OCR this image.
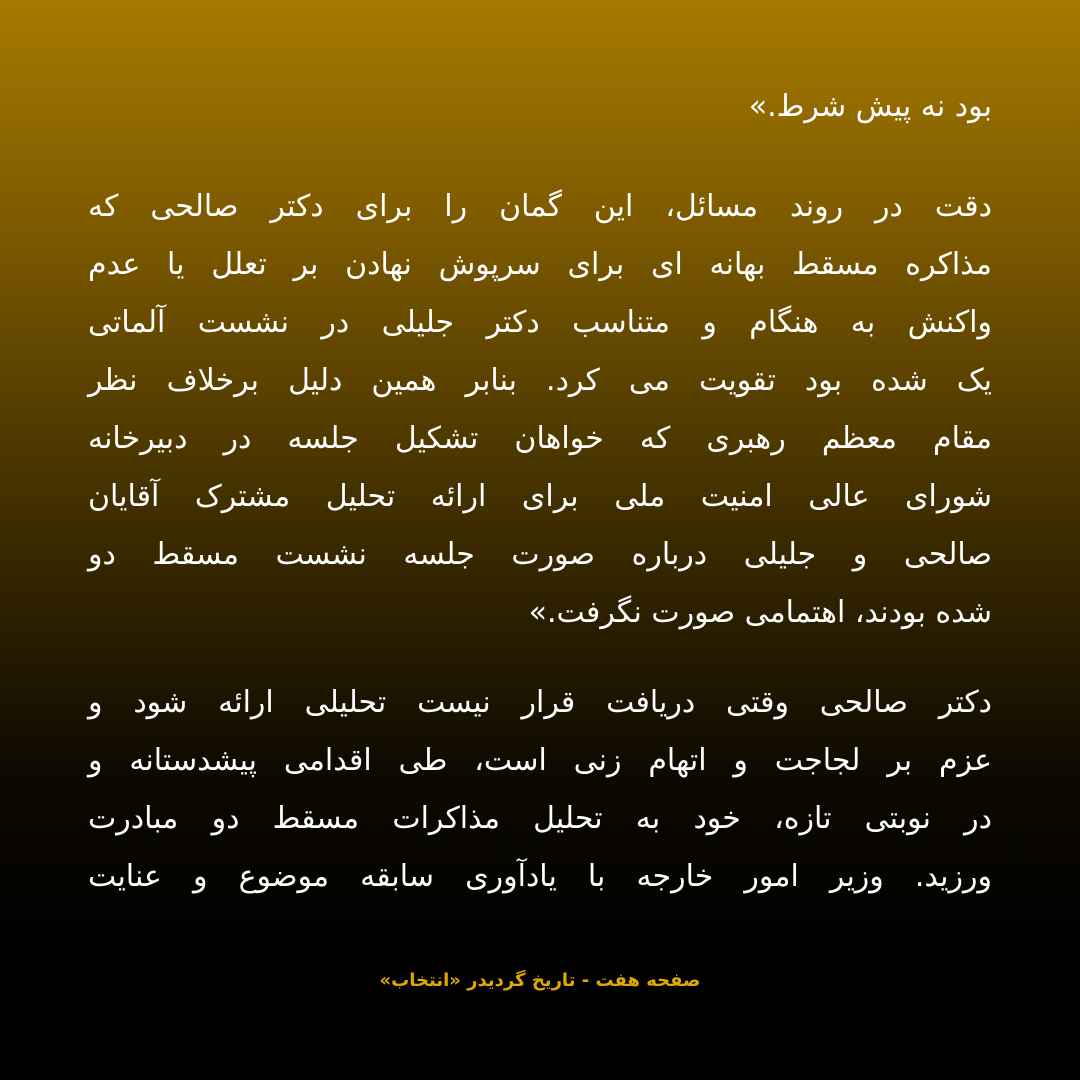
بود نه پیش شرط.»
دقت در روند مسائل، این گمان را برای دکتر صالحی که
مذاکره مسقط بهانه ای برای سرپوش نهادن بر تعلل یا عدم
واکنش به هنگام و متناسب دکتر جلیلی در نشست آلماتی
یک شده بود تقویت می کرد. بنابر همین دلیل برخلاف نظر
مقام معظم رهبری که خواهان تشکیل جلسه در دبیرخانه
شورای عالی امنیت ملی برای ارائه تحلیل مشترک آقایان
صالحی و جلیلی درباره صورت جلسه نشست مسقط دو
شده بودند، اهتمامی صورت نگرفت.»
دکتر صالحی وقتی دریافت قرار نیست تحلیلی ارائه شود و
عزم بر لجاجت و اتهام زنی است، طی اقدامی پیشدستانه و
در نوبتی تازه، خود به تحلیل مذاکرات مسقط دو مبادرت
ورزید. وزیر امور خارجه با یادآوری سابقه موضوع و عنایت
صفحه هفت - تاریخ گردیدر «انتخاب»
